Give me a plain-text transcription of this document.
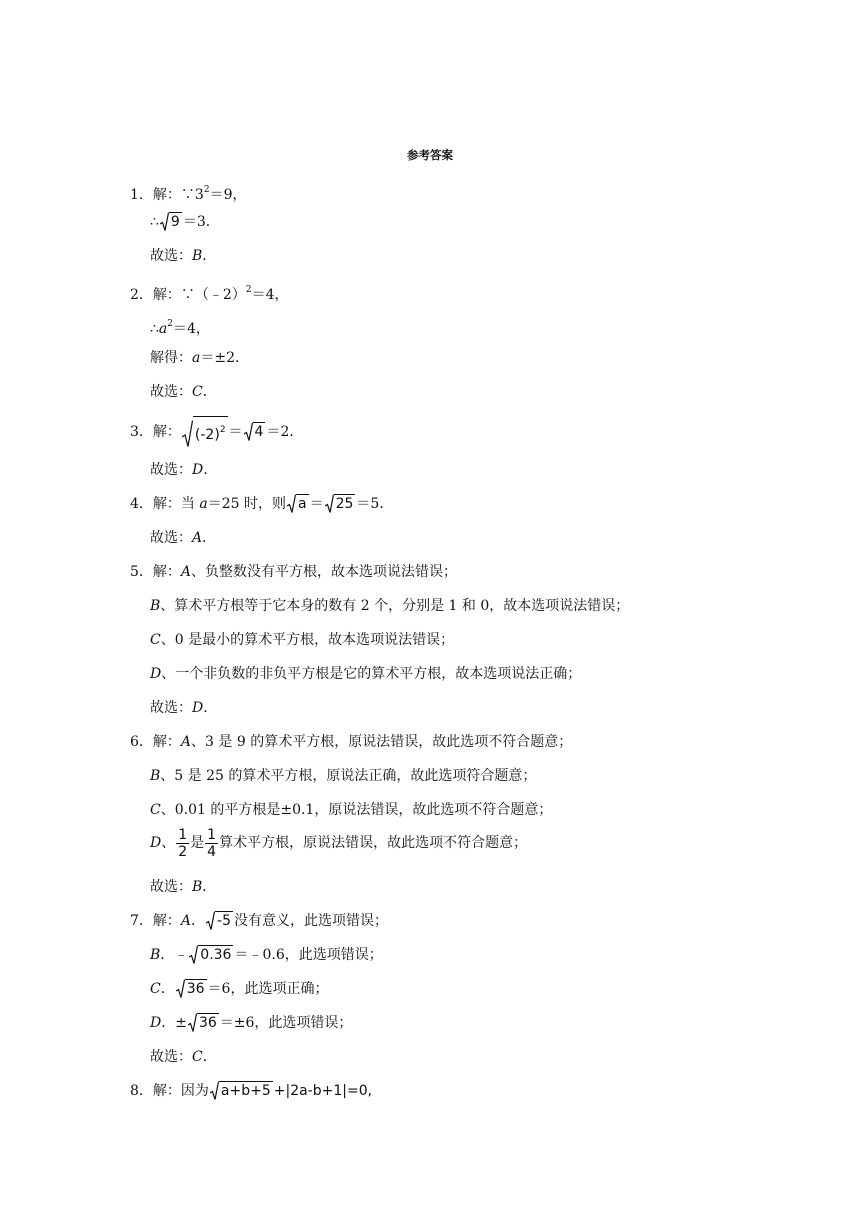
参考答案
1．解：$\because 3^2=9$，
∴ 9 ＝3．
故选：B．
2．解：∵（﹣2）$^2$＝4，
$\therefore a^2=4$，
解得：a＝±2．
故选：C．
3．解： $(-2)^2 = 4 =2$．
故选：D．
4．解：当 a＝25 时，则 a ＝ 25 ＝5．
故选：A．
5．解：A、负整数没有平方根，故本选项说法错误；
B、算术平方根等于它本身的数有 2 个，分别是 1 和 0，故本选项说法错误；
C、0 是最小的算术平方根，故本选项说法错误；
D、一个非负数的非负平方根是它的算术平方根，故本选项说法正确；
故选：D．
6．解：A、3 是 9 的算术平方根，原说法错误，故此选项不符合题意；
B、5 是 25 的算术平方根，原说法正确，故此选项符合题意；
C、0.01 的平方根是±0.1，原说法错误，故此选项不符合题意；
D、 $\frac{1}{2}$ 是 $\frac{1}{4}$ 算术平方根，原说法错误，故此选项不符合题意；
故选：B．
7．解：A． -5 没有意义，此选项错误；
B．﹣ 0.36 ＝﹣0.6，此选项错误；
C． 36 ＝6，此选项正确；
D．± 36 ＝±6，此选项错误；
故选：C．
8．解：因为 a+b+5 +|2a-b+1|=0,
